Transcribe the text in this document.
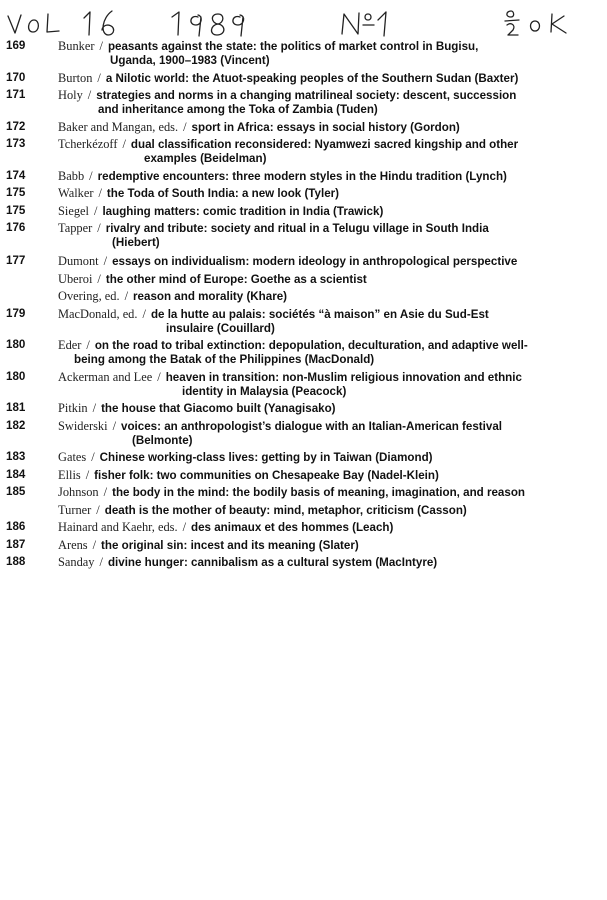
169	Bunker / peasants against the state: the politics of market control in Bugisu,
Uganda, 1900–1983 (Vincent)
170	Burton / a Nilotic world: the Atuot-speaking peoples of the Southern Sudan (Baxter)
171	Holy / strategies and norms in a changing matrilineal society: descent, succession
and inheritance among the Toka of Zambia (Tuden)
172	Baker and Mangan, eds. / sport in Africa: essays in social history (Gordon)
173	Tcherkézoff / dual classification reconsidered: Nyamwezi sacred kingship and other
examples (Beidelman)
174	Babb / redemptive encounters: three modern styles in the Hindu tradition (Lynch)
175	Walker / the Toda of South India: a new look (Tyler)
175	Siegel / laughing matters: comic tradition in India (Trawick)
176	Tapper / rivalry and tribute: society and ritual in a Telugu village in South India
(Hiebert)
177	Dumont / essays on individualism: modern ideology in anthropological perspective
Uberoi / the other mind of Europe: Goethe as a scientist
Overing, ed. / reason and morality (Khare)
179	MacDonald, ed. / de la hutte au palais: sociétés “à maison” en Asie du Sud-Est
insulaire (Couillard)
180	Eder / on the road to tribal extinction: depopulation, deculturation, and adaptive well-
being among the Batak of the Philippines (MacDonald)
180	Ackerman and Lee / heaven in transition: non-Muslim religious innovation and ethnic
identity in Malaysia (Peacock)
181	Pitkin / the house that Giacomo built (Yanagisako)
182	Swiderski / voices: an anthropologist’s dialogue with an Italian-American festival
(Belmonte)
183	Gates / Chinese working-class lives: getting by in Taiwan (Diamond)
184	Ellis / fisher folk: two communities on Chesapeake Bay (Nadel-Klein)
185	Johnson / the body in the mind: the bodily basis of meaning, imagination, and reason
Turner / death is the mother of beauty: mind, metaphor, criticism (Casson)
186	Hainard and Kaehr, eds. / des animaux et des hommes (Leach)
187	Arens / the original sin: incest and its meaning (Slater)
188	Sanday / divine hunger: cannibalism as a cultural system (MacIntyre)
